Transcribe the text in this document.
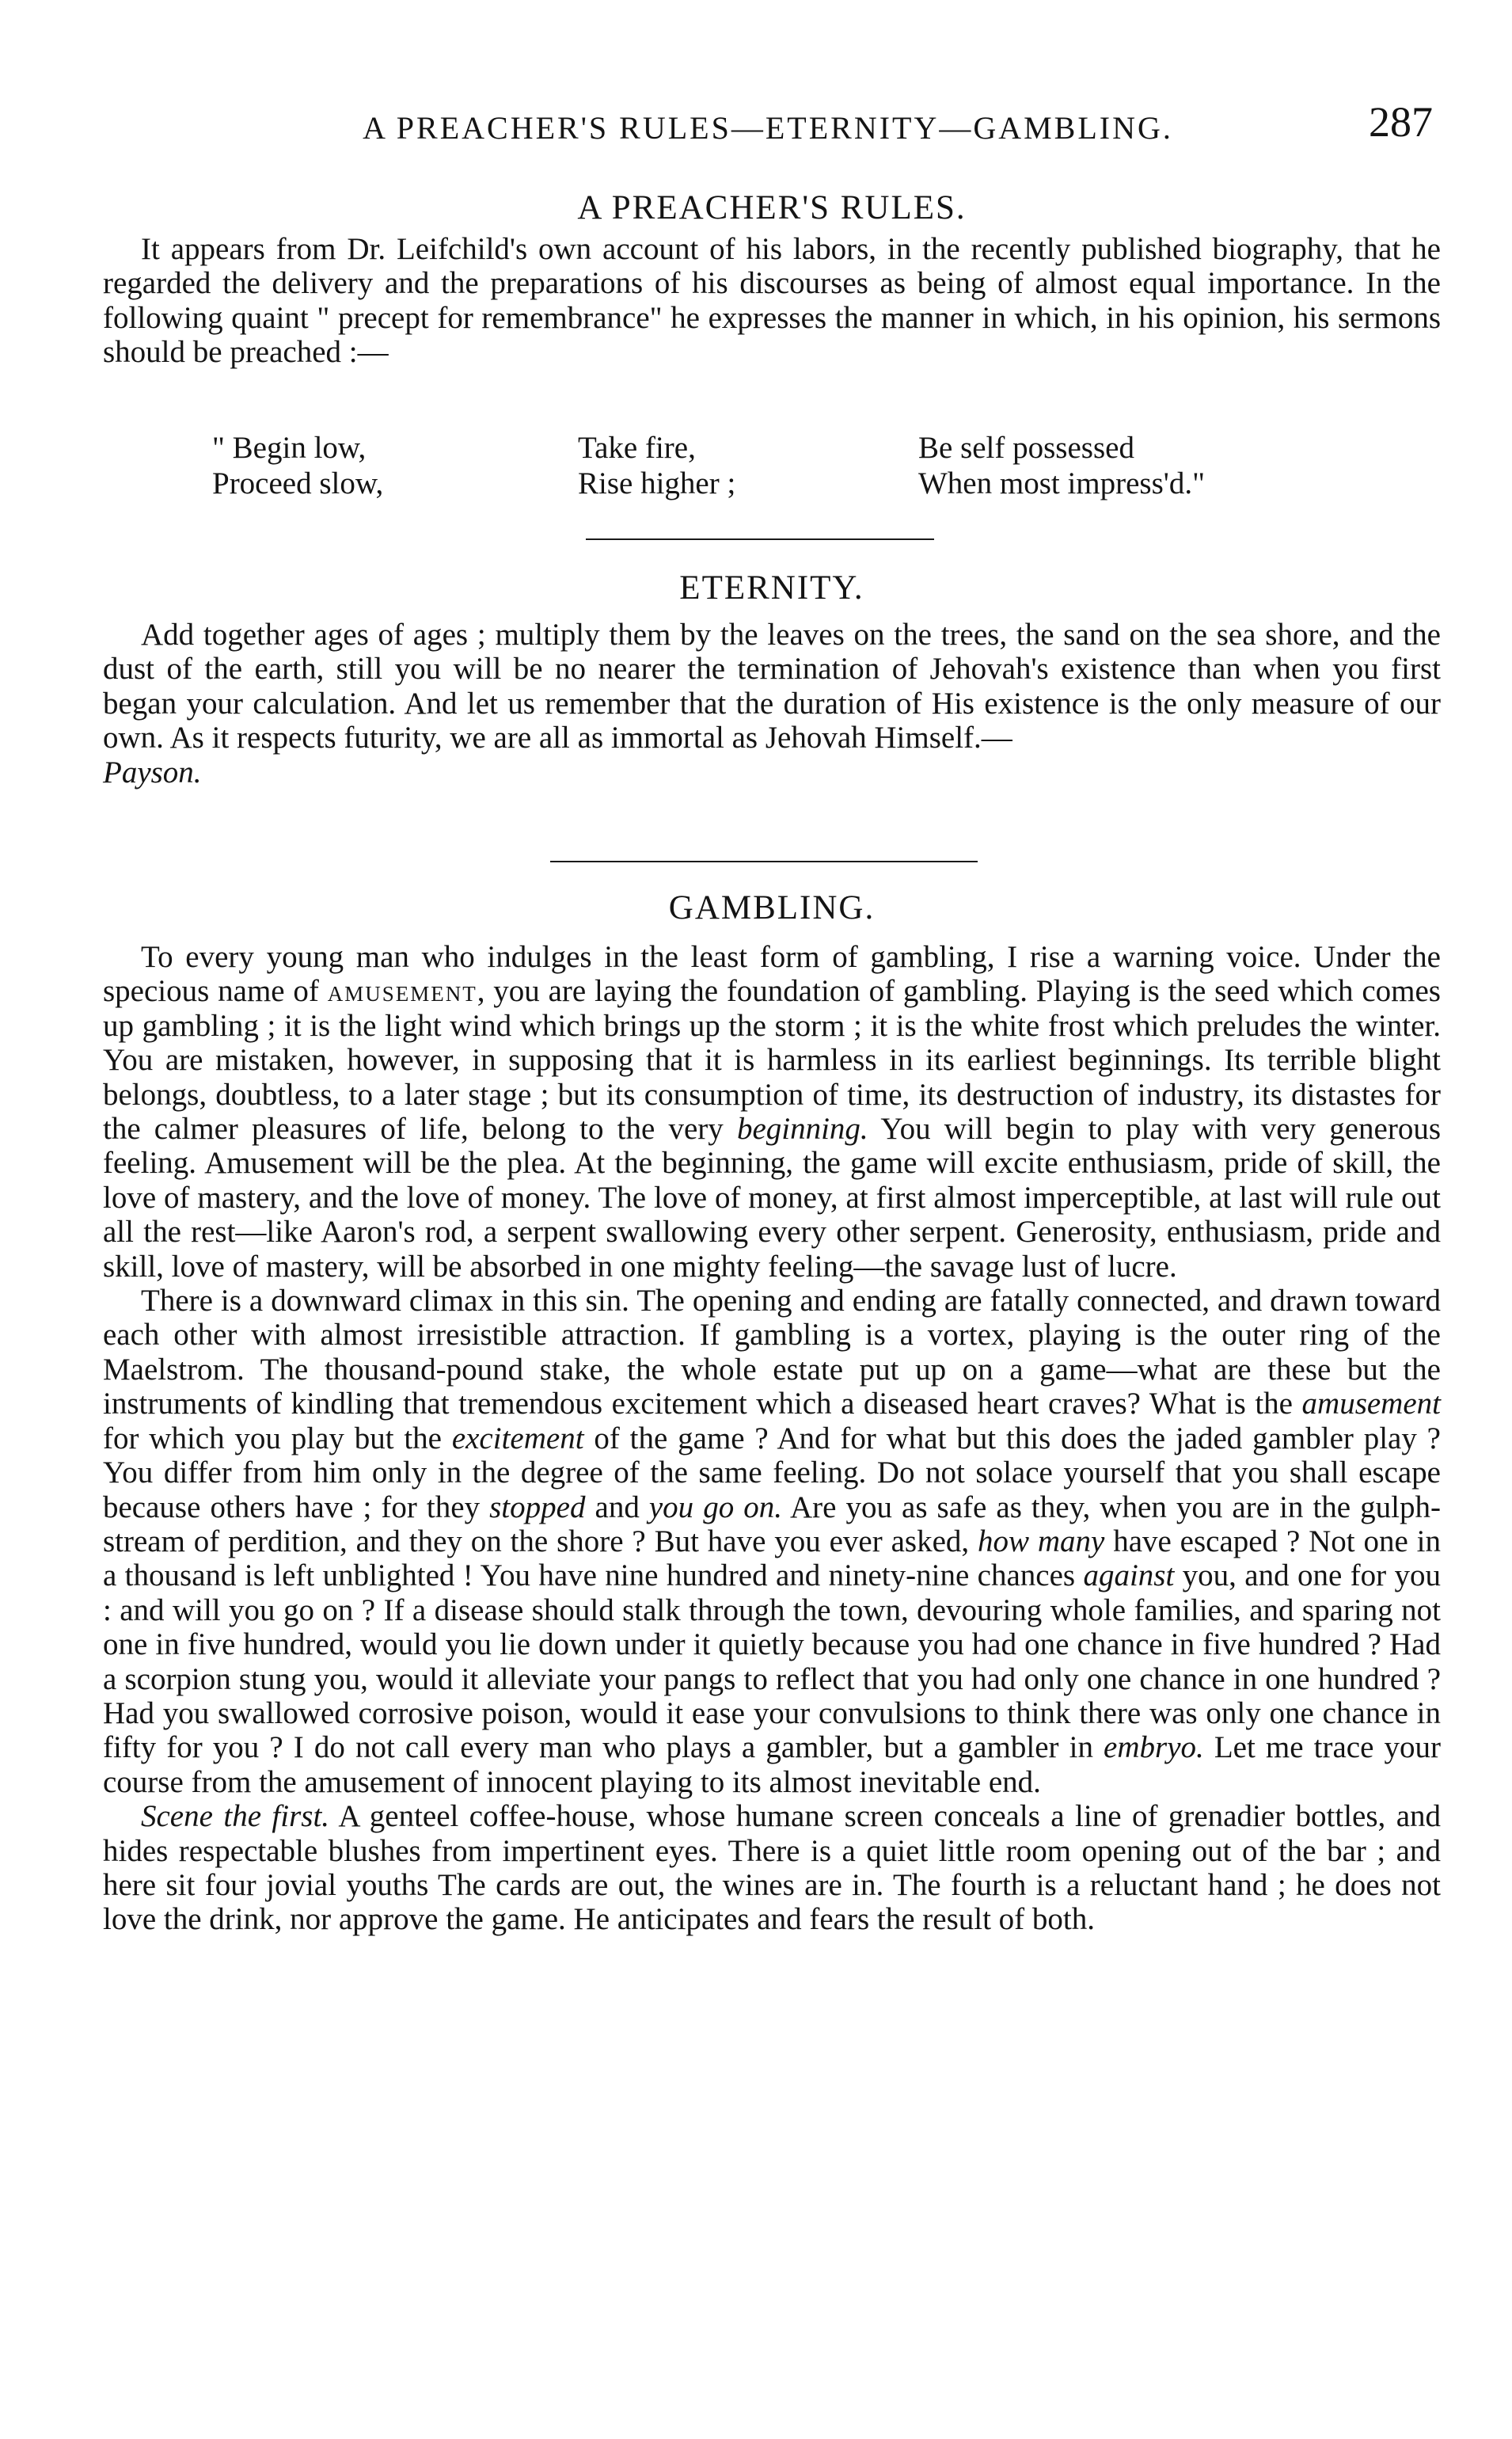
A PREACHER'S RULES—ETERNITY—GAMBLING.	287
A PREACHER'S RULES.

It appears from Dr. Leifchild's own account of his labors, in the recently published biography, that he regarded the delivery and the preparations of his discourses as being of almost equal importance. In the following quaint " precept for remembrance" he expresses the manner in which, in his opinion, his sermons should be preached :—

" Begin low,	Take fire,	Be self possessed
Proceed slow,	Rise higher ;	When most impress'd."
ETERNITY.

Add together ages of ages ; multiply them by the leaves on the trees, the sand on the sea shore, and the dust of the earth, still you will be no nearer the termination of Jehovah's existence than when you first began your calculation. And let us remember that the duration of His existence is the only measure of our own. As it respects futurity, we are all as immortal as Jehovah Himself.—
Payson.

GAMBLING.

To every young man who indulges in the least form of gambling, I rise a warning voice. Under the specious name of amusement, you are laying the foundation of gambling. Playing is the seed which comes up gambling ; it is the light wind which brings up the storm ; it is the white frost which preludes the winter. You are mistaken, however, in supposing that it is harmless in its earliest beginnings. Its terrible blight belongs, doubtless, to a later stage ; but its consumption of time, its destruction of industry, its distastes for the calmer pleasures of life, belong to the very beginning. You will begin to play with very generous feeling. Amusement will be the plea. At the beginning, the game will excite enthusiasm, pride of skill, the love of mastery, and the love of money. The love of money, at first almost imperceptible, at last will rule out all the rest—like Aaron's rod, a serpent swallowing every other serpent. Generosity, enthusiasm, pride and skill, love of mastery, will be absorbed in one mighty feeling—the savage lust of lucre.

There is a downward climax in this sin. The opening and ending are fatally connected, and drawn toward each other with almost irresistible attraction. If gambling is a vortex, playing is the outer ring of the Maelstrom. The thousand-pound stake, the whole estate put up on a game—what are these but the instruments of kindling that tremendous excitement which a diseased heart craves? What is the amusement for which you play but the excitement of the game ? And for what but this does the jaded gambler play ? You differ from him only in the degree of the same feeling. Do not solace yourself that you shall escape because others have ; for they stopped and you go on. Are you as safe as they, when you are in the gulph-stream of perdition, and they on the shore ? But have you ever asked, how many have escaped ? Not one in a thousand is left unblighted ! You have nine hundred and ninety-nine chances against you, and one for you : and will you go on ? If a disease should stalk through the town, devouring whole families, and sparing not one in five hundred, would you lie down under it quietly because you had one chance in five hundred ? Had a scorpion stung you, would it alleviate your pangs to reflect that you had only one chance in one hundred ? Had you swallowed corrosive poison, would it ease your convulsions to think there was only one chance in fifty for you ? I do not call every man who plays a gambler, but a gambler in embryo. Let me trace your course from the amusement of innocent playing to its almost inevitable end.

Scene the first. A genteel coffee-house, whose humane screen conceals a line of grenadier bottles, and hides respectable blushes from impertinent eyes. There is a quiet little room opening out of the bar ; and here sit four jovial youths The cards are out, the wines are in. The fourth is a reluctant hand ; he does not love the drink, nor approve the game. He anticipates and fears the result of both.
